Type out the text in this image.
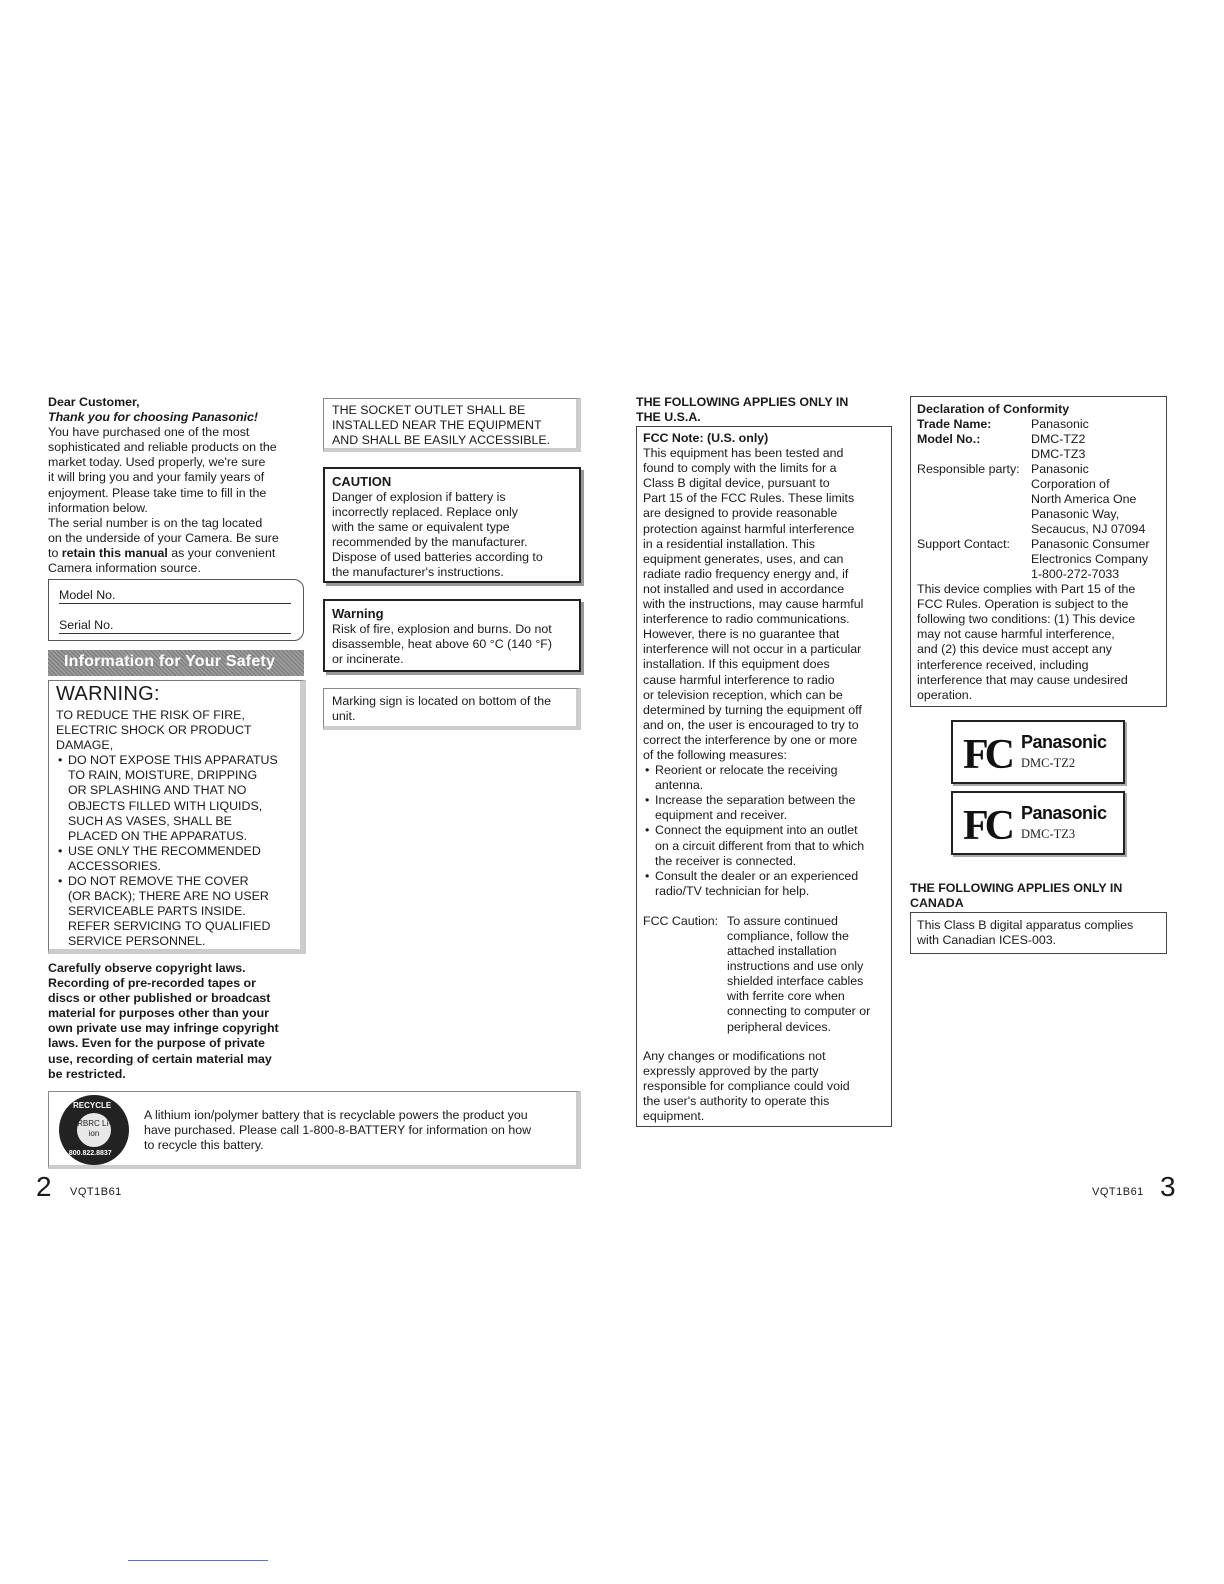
Dear Customer,
Thank you for choosing Panasonic!
You have purchased one of the most
sophisticated and reliable products on the
market today. Used properly, we're sure
it will bring you and your family years of
enjoyment. Please take time to fill in the
information below.
The serial number is on the tag located
on the underside of your Camera. Be sure
to retain this manual as your convenient
Camera information source.
Model No.
Serial No.
Information for Your Safety
WARNING:
TO REDUCE THE RISK OF FIRE,
ELECTRIC SHOCK OR PRODUCT
DAMAGE,
• DO NOT EXPOSE THIS APPARATUS
TO RAIN, MOISTURE, DRIPPING
OR SPLASHING AND THAT NO
OBJECTS FILLED WITH LIQUIDS,
SUCH AS VASES, SHALL BE
PLACED ON THE APPARATUS.
• USE ONLY THE RECOMMENDED
ACCESSORIES.
• DO NOT REMOVE THE COVER
(OR BACK); THERE ARE NO USER
SERVICEABLE PARTS INSIDE.
REFER SERVICING TO QUALIFIED
SERVICE PERSONNEL.
Carefully observe copyright laws.
Recording of pre-recorded tapes or
discs or other published or broadcast
material for purposes other than your
own private use may infringe copyright
laws. Even for the purpose of private
use, recording of certain material may
be restricted.
THE SOCKET OUTLET SHALL BE
INSTALLED NEAR THE EQUIPMENT
AND SHALL BE EASILY ACCESSIBLE.
CAUTION
Danger of explosion if battery is
incorrectly replaced. Replace only
with the same or equivalent type
recommended by the manufacturer.
Dispose of used batteries according to
the manufacturer's instructions.
Warning
Risk of fire, explosion and burns. Do not
disassemble, heat above 60 °C (140 °F)
or incinerate.
Marking sign is located on bottom of the
unit.
RECYCLE
RBRC Li-ion
1.800.822.8837
A lithium ion/polymer battery that is recyclable powers the product you
have purchased. Please call 1-800-8-BATTERY for information on how
to recycle this battery.
THE FOLLOWING APPLIES ONLY IN
THE U.S.A.
FCC Note: (U.S. only)
This equipment has been tested and
found to comply with the limits for a
Class B digital device, pursuant to
Part 15 of the FCC Rules. These limits
are designed to provide reasonable
protection against harmful interference
in a residential installation. This
equipment generates, uses, and can
radiate radio frequency energy and, if
not installed and used in accordance
with the instructions, may cause harmful
interference to radio communications.
However, there is no guarantee that
interference will not occur in a particular
installation. If this equipment does
cause harmful interference to radio
or television reception, which can be
determined by turning the equipment off
and on, the user is encouraged to try to
correct the interference by one or more
of the following measures:
• Reorient or relocate the receiving
antenna.
• Increase the separation between the
equipment and receiver.
• Connect the equipment into an outlet
on a circuit different from that to which
the receiver is connected.
• Consult the dealer or an experienced
radio/TV technician for help.
FCC Caution: To assure continued
compliance, follow the
attached installation
instructions and use only
shielded interface cables
with ferrite core when
connecting to computer or
peripheral devices.
Any changes or modifications not
expressly approved by the party
responsible for compliance could void
the user's authority to operate this
equipment.
Declaration of Conformity
Trade Name:	Panasonic
Model No.:	DMC-TZ2
DMC-TZ3
Responsible party: Panasonic
Corporation of
North America One
Panasonic Way,
Secaucus, NJ 07094
Support Contact: Panasonic Consumer
Electronics Company
1-800-272-7033
This device complies with Part 15 of the
FCC Rules. Operation is subject to the
following two conditions: (1) This device
may not cause harmful interference,
and (2) this device must accept any
interference received, including
interference that may cause undesired
operation.
FC Panasonic
DMC-TZ2
FC Panasonic
DMC-TZ3
THE FOLLOWING APPLIES ONLY IN
CANADA
This Class B digital apparatus complies
with Canadian ICES-003.
2 VQT1B61	VQT1B61 3
